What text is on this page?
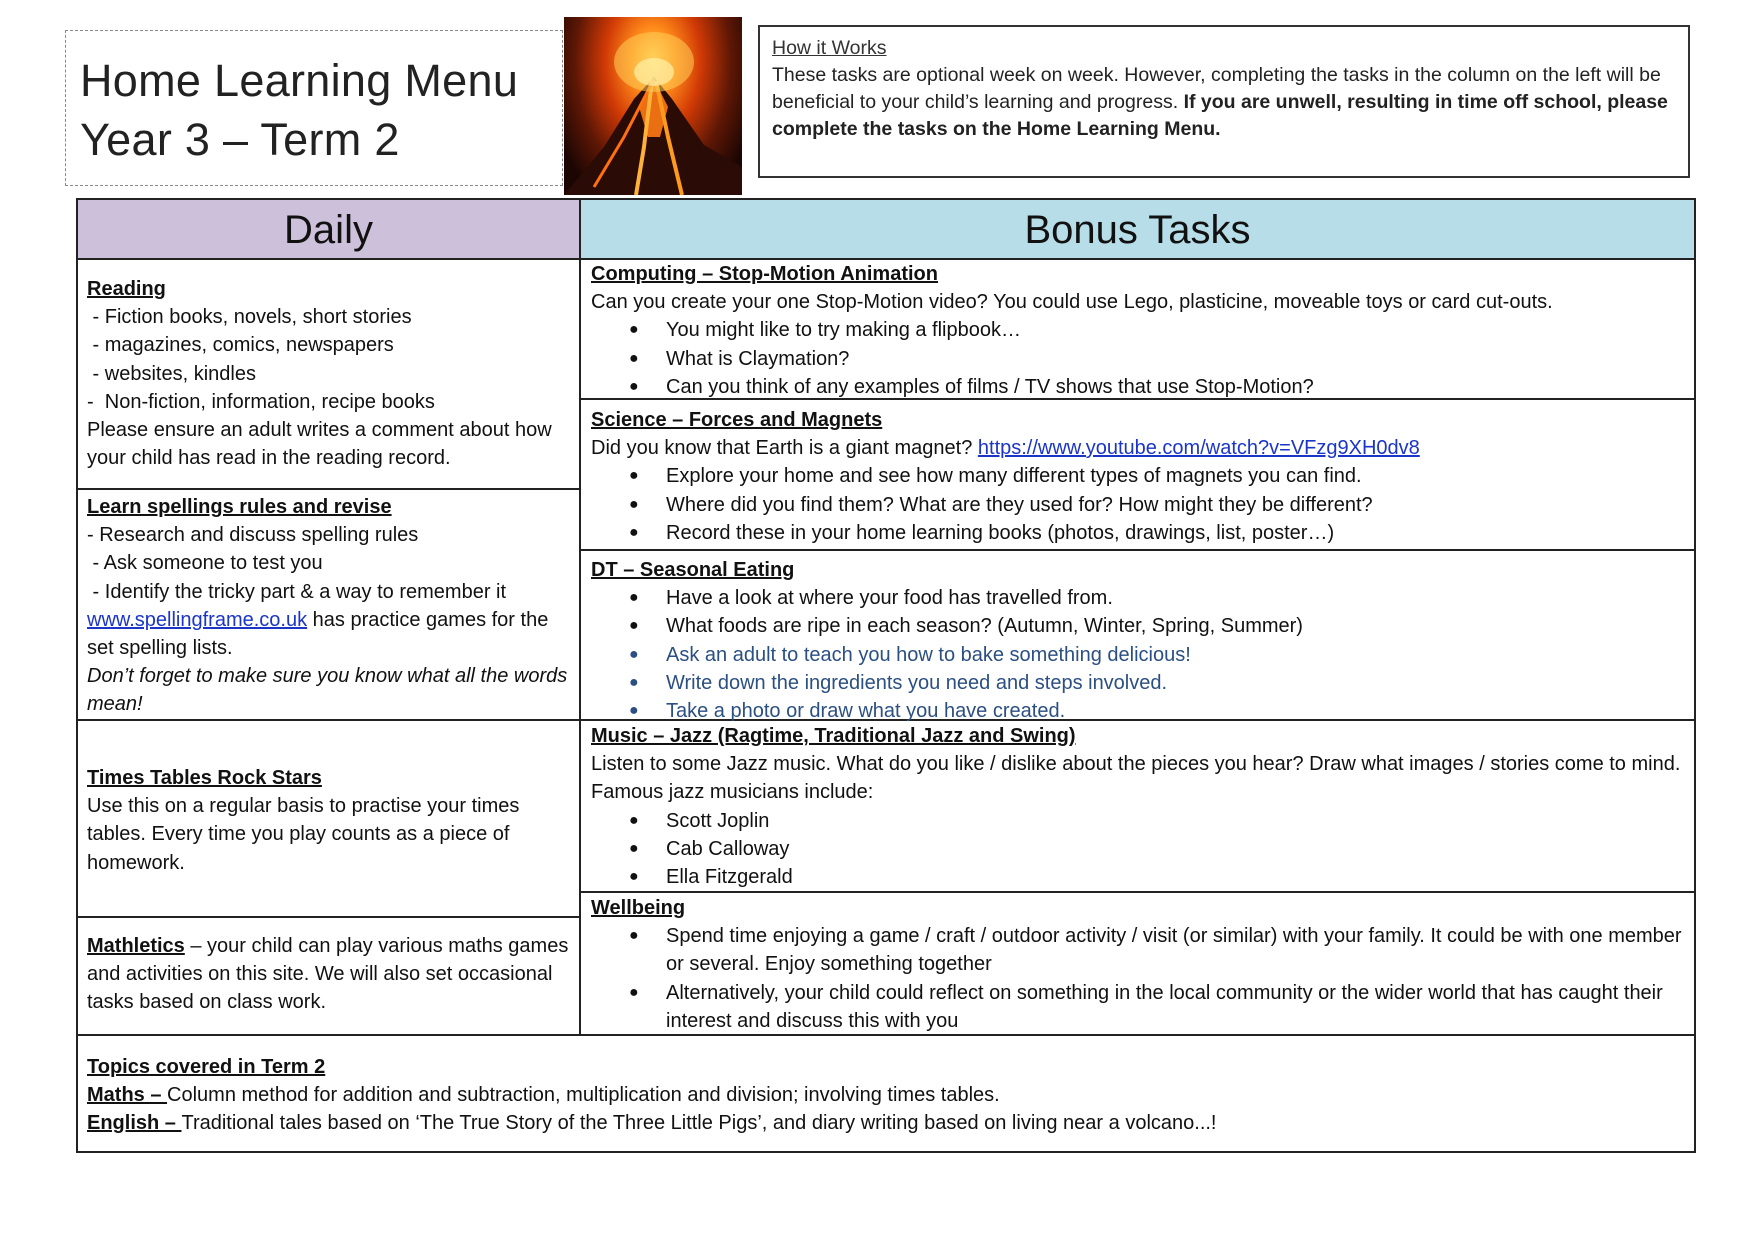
Home Learning Menu
Year 3 – Term 2
How it Works
These tasks are optional week on week. However, completing the tasks in the column on the left will be beneficial to your child’s learning and progress. If you are unwell, resulting in time off school, please complete the tasks on the Home Learning Menu.
Daily	Bonus Tasks
Reading
- Fiction books, novels, short stories
- magazines, comics, newspapers
- websites, kindles
-  Non-fiction, information, recipe books
Please ensure an adult writes a comment about how your child has read in the reading record.
Learn spellings rules and revise
- Research and discuss spelling rules
- Ask someone to test you
- Identify the tricky part & a way to remember it
www.spellingframe.co.uk has practice games for the set spelling lists.
Don’t forget to make sure you know what all the words mean!
Times Tables Rock Stars
Use this on a regular basis to practise your times tables. Every time you play counts as a piece of homework.
Mathletics – your child can play various maths games and activities on this site. We will also set occasional tasks based on class work.
Computing – Stop-Motion Animation
Can you create your one Stop-Motion video? You could use Lego, plasticine, moveable toys or card cut-outs.
● You might like to try making a flipbook…
● What is Claymation?
● Can you think of any examples of films / TV shows that use Stop-Motion?
Science – Forces and Magnets
Did you know that Earth is a giant magnet? https://www.youtube.com/watch?v=VFzg9XH0dv8
● Explore your home and see how many different types of magnets you can find.
● Where did you find them? What are they used for? How might they be different?
● Record these in your home learning books (photos, drawings, list, poster…)
DT – Seasonal Eating
● Have a look at where your food has travelled from.
● What foods are ripe in each season? (Autumn, Winter, Spring, Summer)
● Ask an adult to teach you how to bake something delicious!
● Write down the ingredients you need and steps involved.
● Take a photo or draw what you have created.
Music – Jazz (Ragtime, Traditional Jazz and Swing)
Listen to some Jazz music. What do you like / dislike about the pieces you hear? Draw what images / stories come to mind. Famous jazz musicians include:
● Scott Joplin
● Cab Calloway
● Ella Fitzgerald
Wellbeing
● Spend time enjoying a game / craft / outdoor activity / visit (or similar) with your family. It could be with one member or several. Enjoy something together
● Alternatively, your child could reflect on something in the local community or the wider world that has caught their interest and discuss this with you
Topics covered in Term 2
Maths – Column method for addition and subtraction, multiplication and division; involving times tables.
English – Traditional tales based on ‘The True Story of the Three Little Pigs’, and diary writing based on living near a volcano...!
